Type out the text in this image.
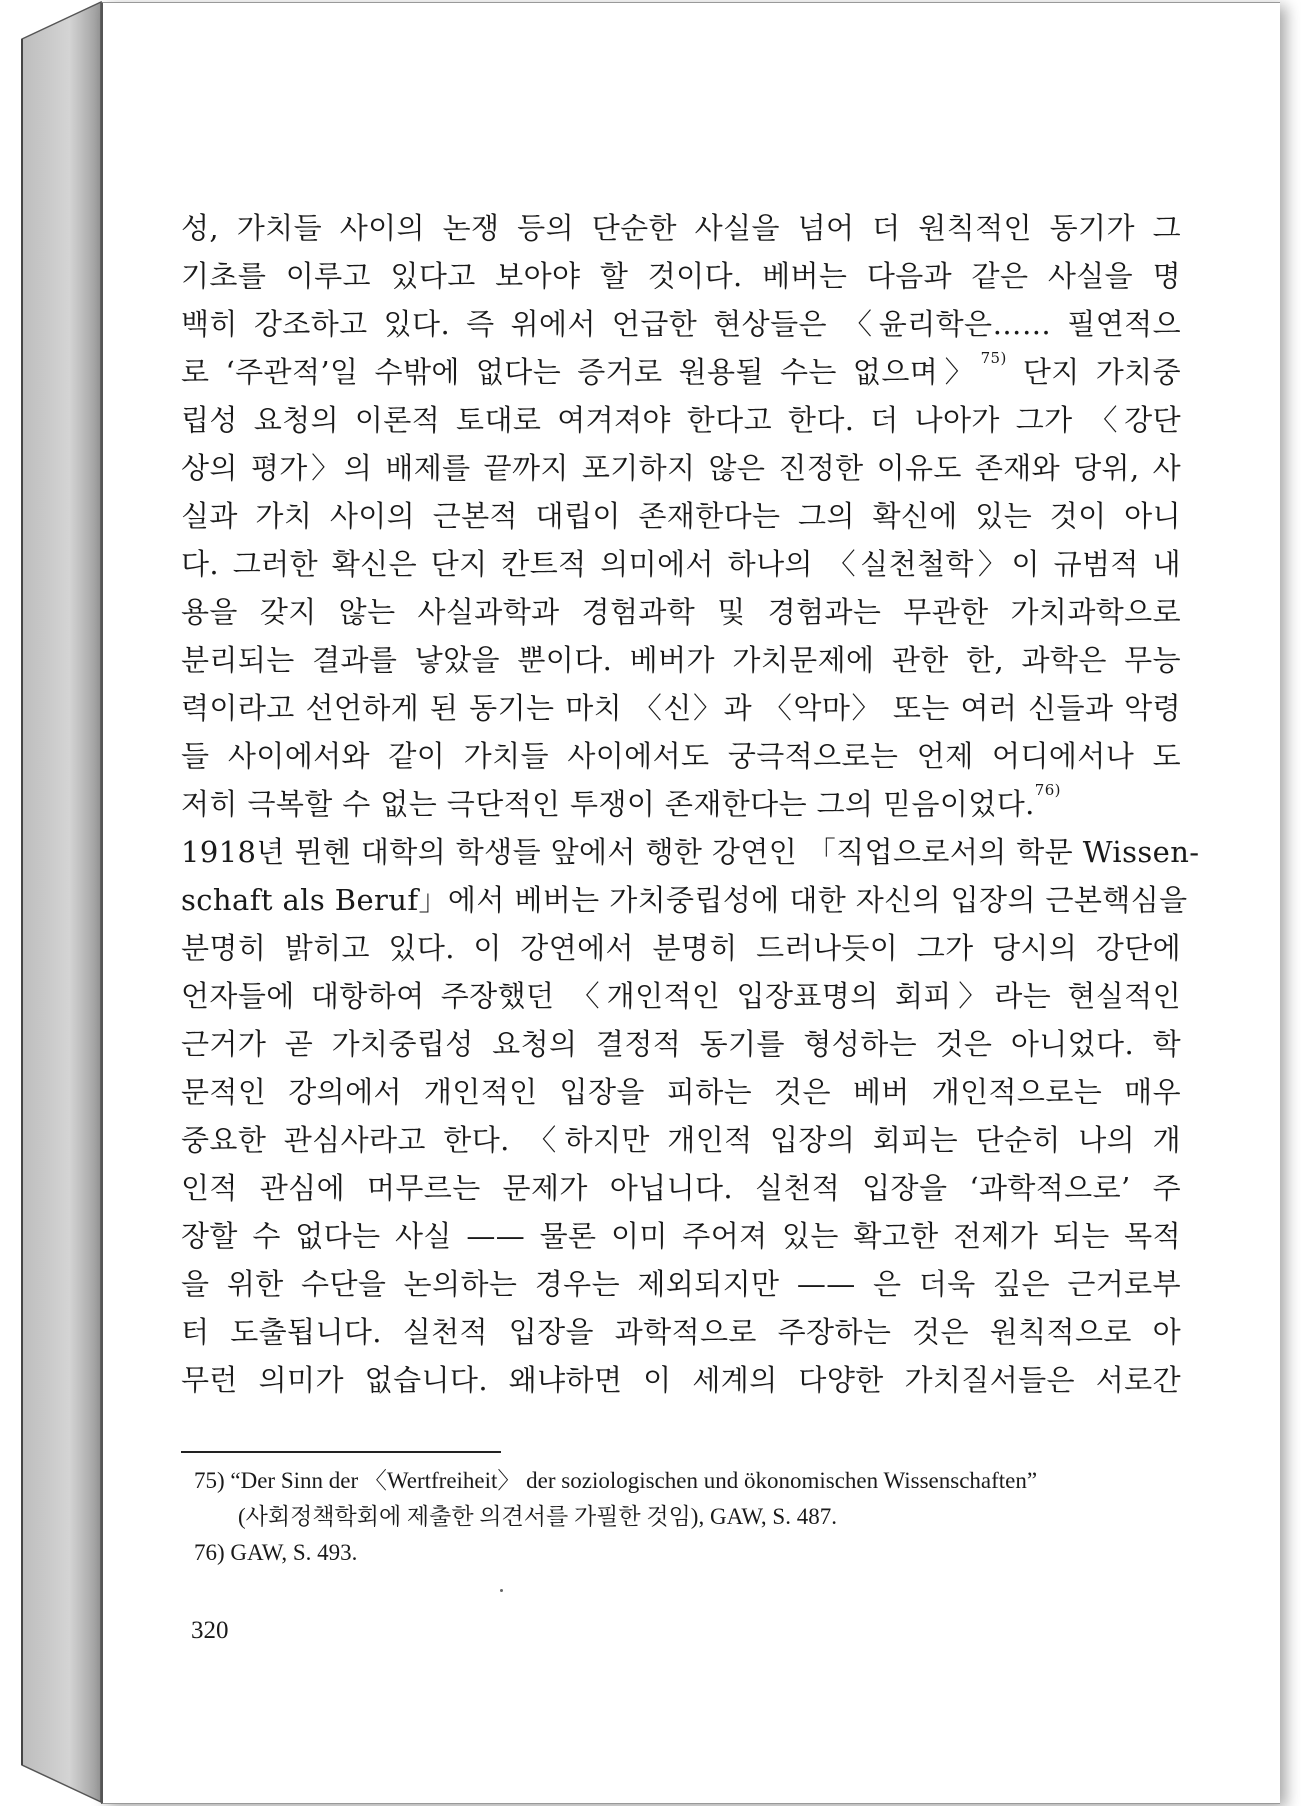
성, 가치들 사이의 논쟁 등의 단순한 사실을 넘어 더 원칙적인 동기가 그
기초를 이루고 있다고 보아야 할 것이다. 베버는 다음과 같은 사실을 명
백히 강조하고 있다. 즉 위에서 언급한 현상들은 〈윤리학은…… 필연적으
로 ‘주관적’일 수밖에 없다는 증거로 원용될 수는 없으며〉$^{75)}$ 단지 가치중
립성 요청의 이론적 토대로 여겨져야 한다고 한다. 더 나아가 그가 〈강단
상의 평가〉의 배제를 끝까지 포기하지 않은 진정한 이유도 존재와 당위, 사
실과 가치 사이의 근본적 대립이 존재한다는 그의 확신에 있는 것이 아니
다. 그러한 확신은 단지 칸트적 의미에서 하나의 〈실천철학〉이 규범적 내
용을 갖지 않는 사실과학과 경험과학 및 경험과는 무관한 가치과학으로
분리되는 결과를 낳았을 뿐이다. 베버가 가치문제에 관한 한, 과학은 무능
력이라고 선언하게 된 동기는 마치 〈신〉과 〈악마〉 또는 여러 신들과 악령
들 사이에서와 같이 가치들 사이에서도 궁극적으로는 언제 어디에서나 도
저히 극복할 수 없는 극단적인 투쟁이 존재한다는 그의 믿음이었다.$^{76)}$
1918년 뮌헨 대학의 학생들 앞에서 행한 강연인 「직업으로서의 학문 Wissen-
schaft als Beruf」에서 베버는 가치중립성에 대한 자신의 입장의 근본핵심을
분명히 밝히고 있다. 이 강연에서 분명히 드러나듯이 그가 당시의 강단에
언자들에 대항하여 주장했던 〈개인적인 입장표명의 회피〉라는 현실적인
근거가 곧 가치중립성 요청의 결정적 동기를 형성하는 것은 아니었다. 학
문적인 강의에서 개인적인 입장을 피하는 것은 베버 개인적으로는 매우
중요한 관심사라고 한다. 〈하지만 개인적 입장의 회피는 단순히 나의 개
인적 관심에 머무르는 문제가 아닙니다. 실천적 입장을 ‘과학적으로’ 주
장할 수 없다는 사실 —— 물론 이미 주어져 있는 확고한 전제가 되는 목적
을 위한 수단을 논의하는 경우는 제외되지만 —— 은 더욱 깊은 근거로부
터 도출됩니다. 실천적 입장을 과학적으로 주장하는 것은 원칙적으로 아
무런 의미가 없습니다. 왜냐하면 이 세계의 다양한 가치질서들은 서로간
75) “Der Sinn der 〈Wertfreiheit〉 der soziologischen und ökonomischen Wissenschaften”
(사회정책학회에 제출한 의견서를 가필한 것임), GAW, S. 487.
76) GAW, S. 493.
320
